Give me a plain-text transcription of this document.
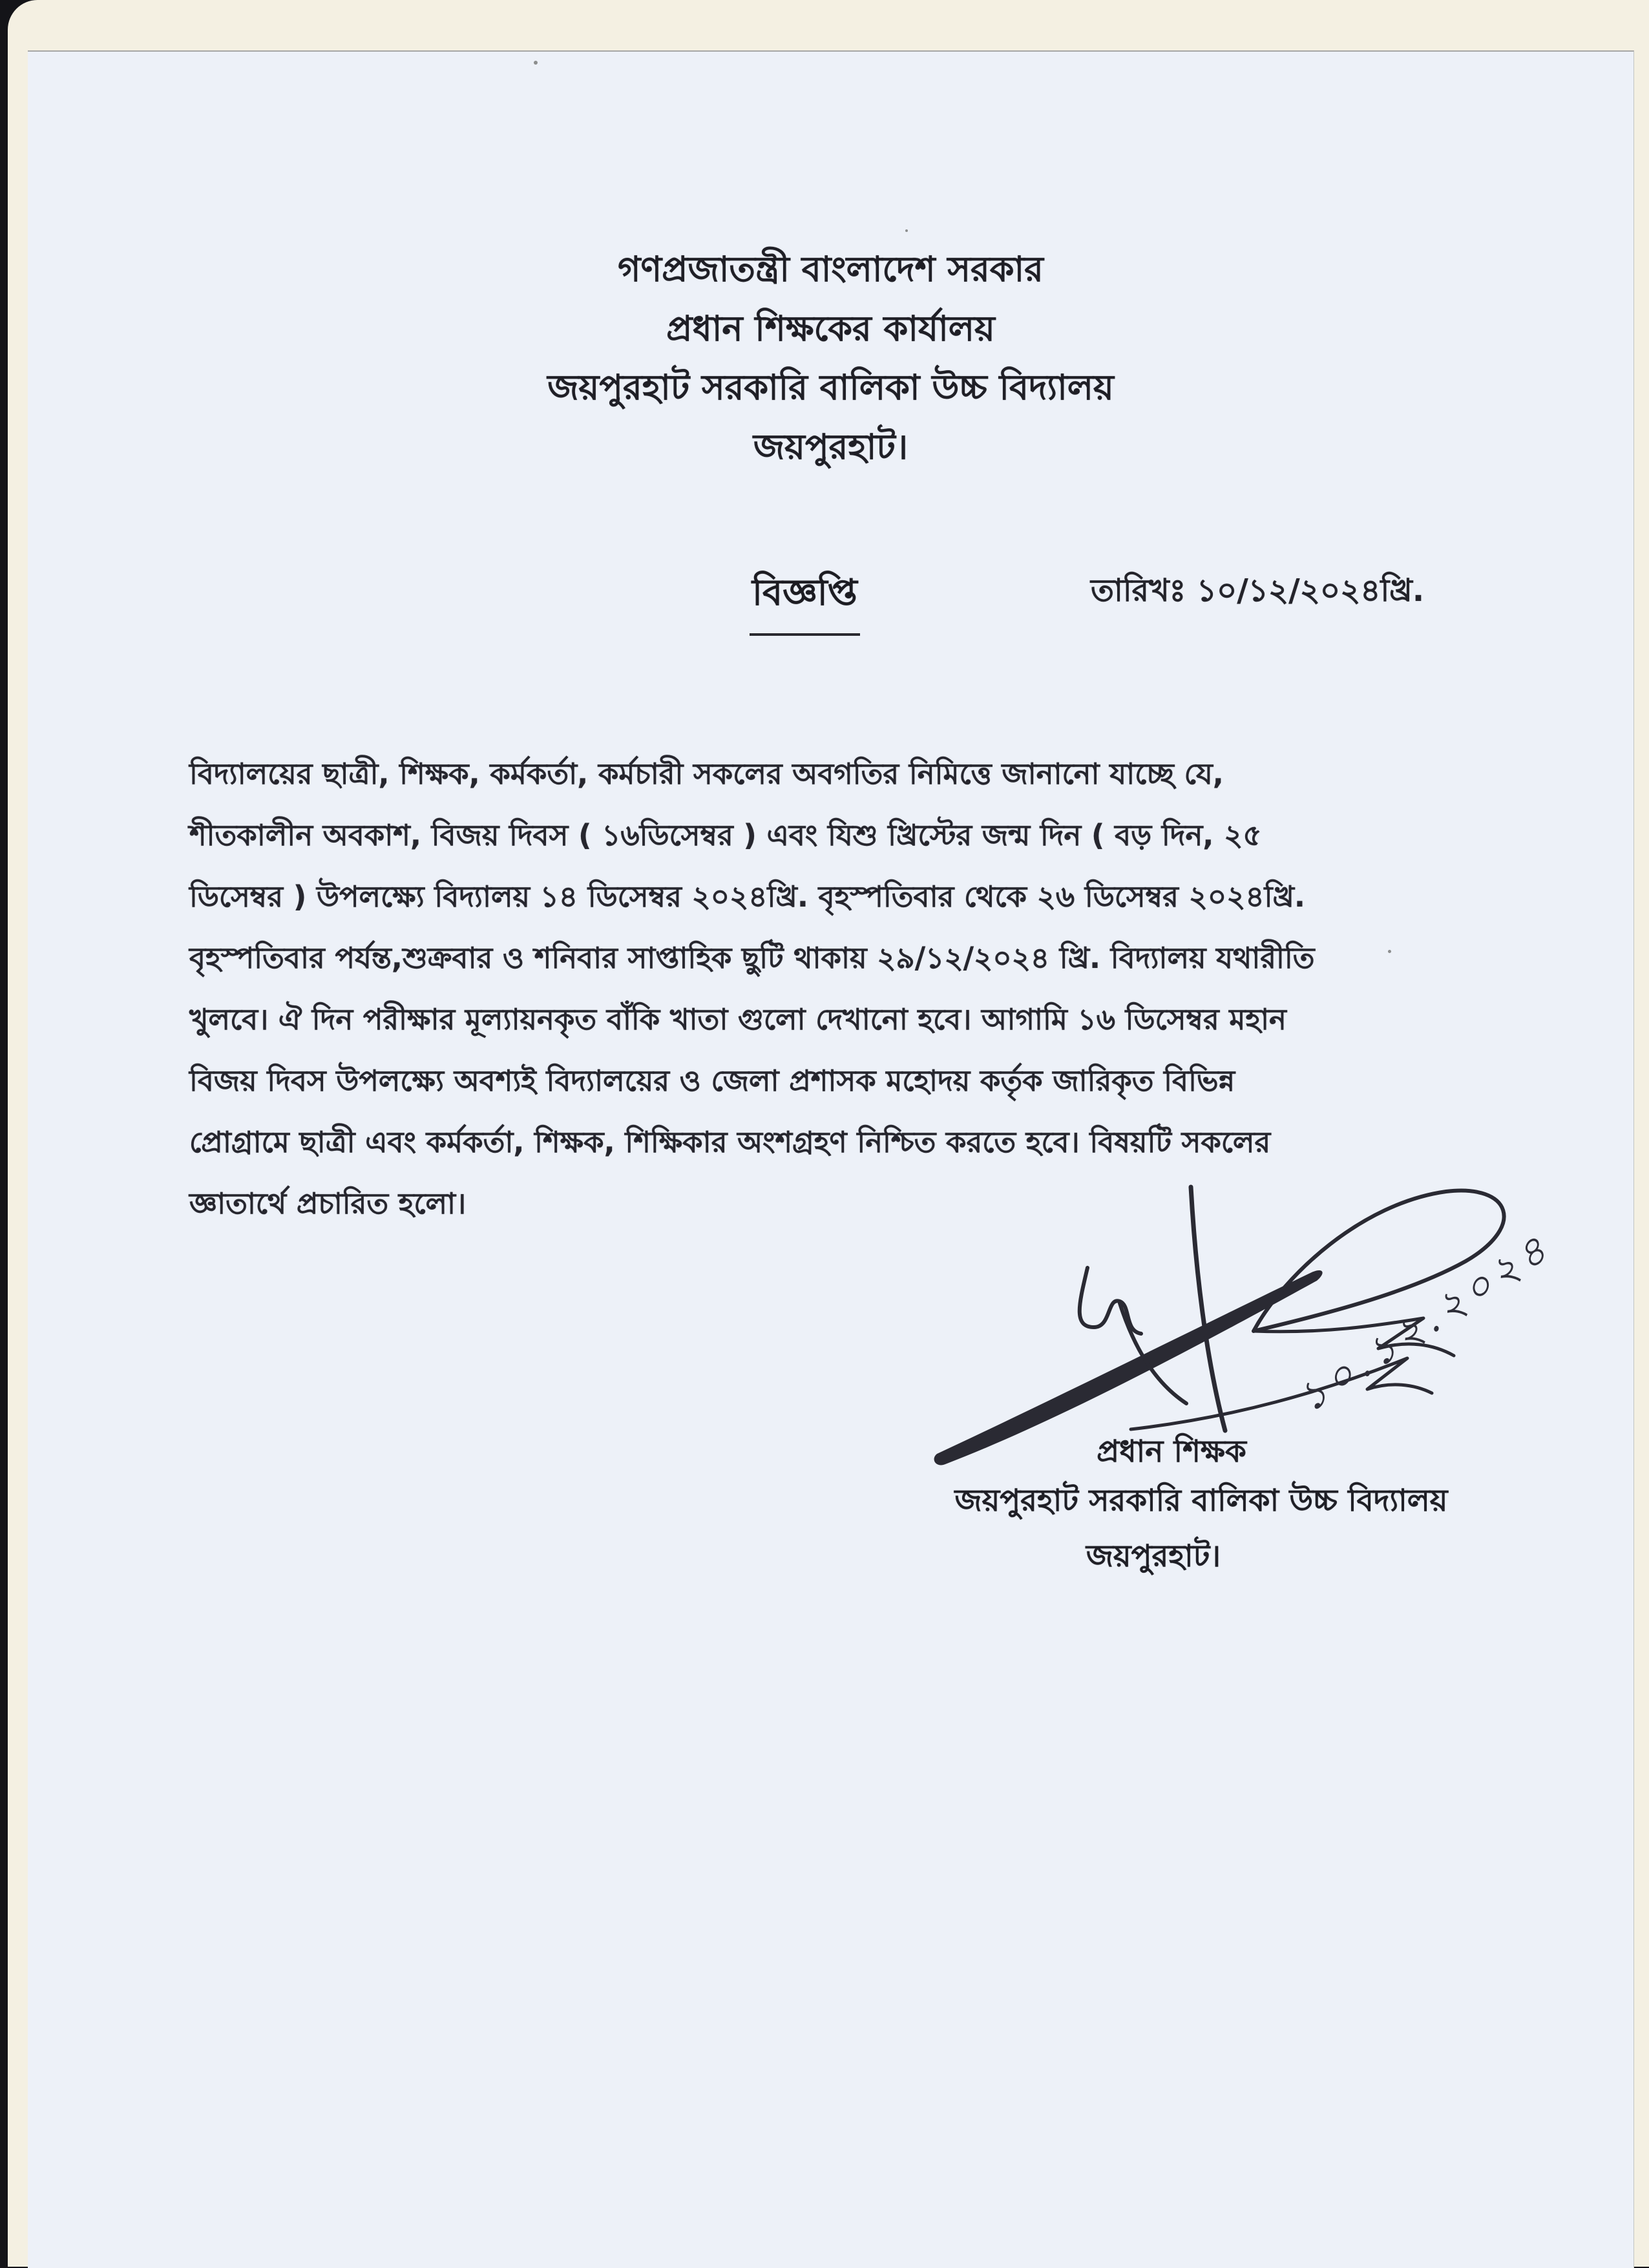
গণপ্রজাতন্ত্রী বাংলাদেশ সরকার
প্রধান শিক্ষকের কার্যালয়
জয়পুরহাট সরকারি বালিকা উচ্চ বিদ্যালয়
জয়পুরহাট।
বিজ্ঞপ্তি	তারিখঃ ১০/১২/২০২৪খ্রি.
বিদ্যালয়ের ছাত্রী, শিক্ষক, কর্মকর্তা, কর্মচারী সকলের অবগতির নিমিত্তে জানানো যাচ্ছে যে,
শীতকালীন অবকাশ, বিজয় দিবস ( ১৬ডিসেম্বর ) এবং যিশু খ্রিস্টের জন্ম দিন ( বড় দিন, ২৫
ডিসেম্বর ) উপলক্ষ্যে বিদ্যালয় ১৪ ডিসেম্বর ২০২৪খ্রি. বৃহস্পতিবার থেকে ২৬ ডিসেম্বর ২০২৪খ্রি.
বৃহস্পতিবার পর্যন্ত,শুক্রবার ও শনিবার সাপ্তাহিক ছুটি থাকায় ২৯/১২/২০২৪ খ্রি. বিদ্যালয় যথারীতি
খুলবে। ঐ দিন পরীক্ষার মূল্যায়নকৃত বাঁকি খাতা গুলো দেখানো হবে। আগামি ১৬ ডিসেম্বর মহান
বিজয় দিবস উপলক্ষ্যে অবশ্যই বিদ্যালয়ের ও জেলা প্রশাসক মহোদয় কর্তৃক জারিকৃত বিভিন্ন
প্রোগ্রামে ছাত্রী এবং কর্মকর্তা, শিক্ষক, শিক্ষিকার অংশগ্রহণ নিশ্চিত করতে হবে। বিষয়টি সকলের
জ্ঞাতার্থে প্রচারিত হলো।
১০.১২.২০২৪
প্রধান শিক্ষক
জয়পুরহাট সরকারি বালিকা উচ্চ বিদ্যালয়
জয়পুরহাট।
